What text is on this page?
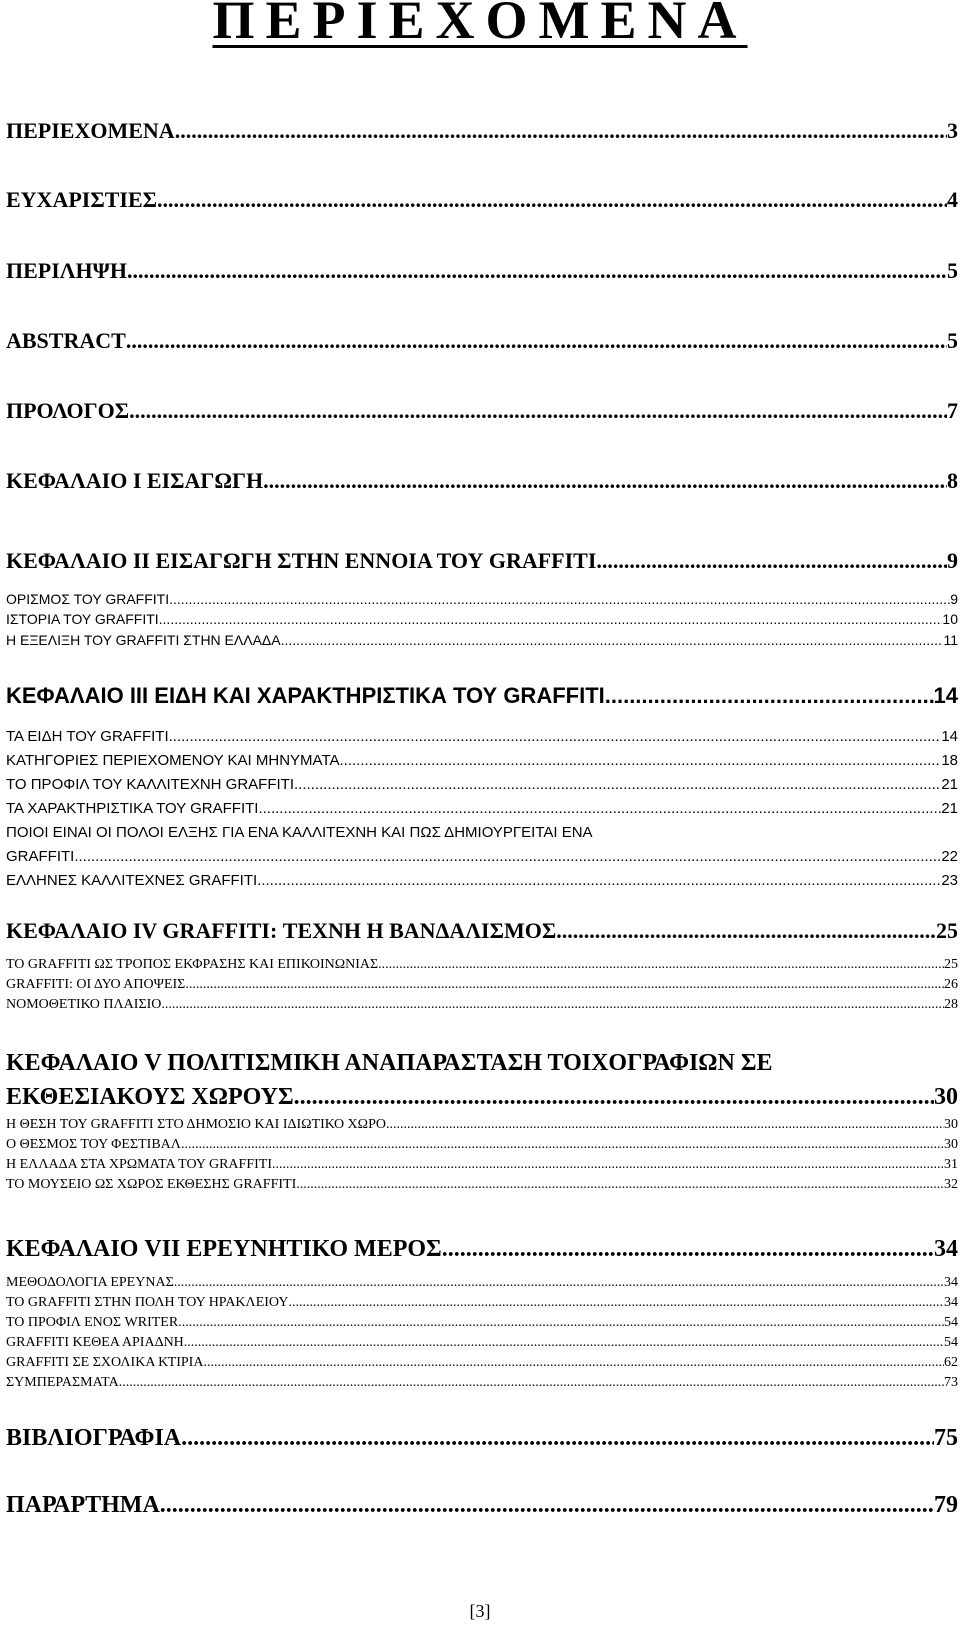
ΠΕΡΙΕΧΟΜΕΝΑ
ΠΕΡΙΕΧΟΜΕΝΑ .....	3
ΕΥΧΑΡΙΣΤΙΕΣ .....	4
ΠΕΡΙΛΗΨΗ .....	5
ABSTRACT .....	5
ΠΡΟΛΟΓΟΣ .....	7
ΚΕΦΑΛΑΙΟ Ι ΕΙΣΑΓΩΓΗ .....	8
ΚΕΦΑΛΑΙΟ ΙΙ ΕΙΣΑΓΩΓΗ ΣΤΗΝ ΕΝΝΟΙΑ ΤΟΥ GRAFFITI .....	9
ΟΡΙΣΜΟΣ ΤΟΥ GRAFFITI .....	9
ΙΣΤΟΡΙΑ ΤΟΥ GRAFFITI .....	10
Η ΕΞΕΛΙΞΗ ΤΟΥ GRAFFITI ΣΤΗΝ ΕΛΛΑΔΑ .....	11
ΚΕΦΑΛΑΙΟ ΙΙΙ ΕΙΔΗ ΚΑΙ ΧΑΡΑΚΤΗΡΙΣΤΙΚΑ ΤΟΥ GRAFFITI .....	14
ΤΑ ΕΙΔΗ ΤΟΥ GRAFFITI .....	14
ΚΑΤΗΓΟΡΙΕΣ ΠΕΡΙΕΧΟΜΕΝΟΥ ΚΑΙ ΜΗΝΥΜΑΤΑ .....	18
ΤΟ ΠΡΟΦΙΛ ΤΟΥ ΚΑΛΛΙΤΕΧΝΗ GRAFFITI .....	21
ΤΑ ΧΑΡΑΚΤΗΡΙΣΤΙΚΑ ΤΟΥ GRAFFITI .....	21
ΠΟΙΟΙ ΕΙΝΑΙ ΟΙ ΠΟΛΟΙ ΕΛΞΗΣ ΓΙΑ ΕΝΑ ΚΑΛΛΙΤΕΧΝΗ ΚΑΙ ΠΩΣ ΔΗΜΙΟΥΡΓΕΙΤΑΙ ΕΝΑ
GRAFFITI .....	22
ΕΛΛΗΝΕΣ ΚΑΛΛΙΤΕΧΝΕΣ GRAFFITI .....	23
ΚΕΦΑΛΑΙΟ IV GRAFFITI: ΤΕΧΝΗ Η ΒΑΝΔΑΛΙΣΜΟΣ .....	25
ΤΟ GRAFFITI ΩΣ ΤΡΟΠΟΣ ΕΚΦΡΑΣΗΣ ΚΑΙ ΕΠΙΚΟΙΝΩΝΙΑΣ .....	25
GRAFFITI: ΟΙ ΔΥΟ ΑΠΟΨΕΙΣ .....	26
ΝΟΜΟΘΕΤΙΚΟ ΠΛΑΙΣΙΟ .....	28
ΚΕΦΑΛΑΙΟ V ΠΟΛΙΤΙΣΜΙΚΗ ΑΝΑΠΑΡΑΣΤΑΣΗ ΤΟΙΧΟΓΡΑΦΙΩΝ ΣΕ
ΕΚΘΕΣΙΑΚΟΥΣ ΧΩΡΟΥΣ .....	30
Η ΘΕΣΗ ΤΟΥ GRAFFITI ΣΤΟ ΔΗΜΟΣΙΟ ΚΑΙ ΙΔΙΩΤΙΚΟ ΧΩΡΟ .....	30
Ο ΘΕΣΜΟΣ ΤΟΥ ΦΕΣΤΙΒΑΛ .....	30
Η ΕΛΛΑΔΑ ΣΤΑ ΧΡΩΜΑΤΑ ΤΟΥ GRAFFITI .....	31
ΤΟ ΜΟΥΣΕΙΟ ΩΣ ΧΩΡΟΣ ΕΚΘΕΣΗΣ GRAFFITI .....	32
ΚΕΦΑΛΑΙΟ VII ΕΡΕΥΝΗΤΙΚΟ ΜΕΡΟΣ .....	34
ΜΕΘΟΔΟΛΟΓΙΑ ΕΡΕΥΝΑΣ .....	34
ΤΟ GRAFFITI ΣΤΗΝ ΠΟΛΗ ΤΟΥ ΗΡΑΚΛΕΙΟΥ .....	34
ΤΟ ΠΡΟΦΙΛ ΕΝΟΣ WRITER .....	54
GRAFFITI ΚΕΘΕΑ ΑΡΙΑΔΝΗ .....	54
GRAFFITI ΣΕ ΣΧΟΛΙΚΑ ΚΤΙΡΙΑ .....	62
ΣΥΜΠΕΡΑΣΜΑΤΑ .....	73
ΒΙΒΛΙΟΓΡΑΦΙΑ .....	75
ΠΑΡΑΡΤΗΜΑ .....	79
[3]
